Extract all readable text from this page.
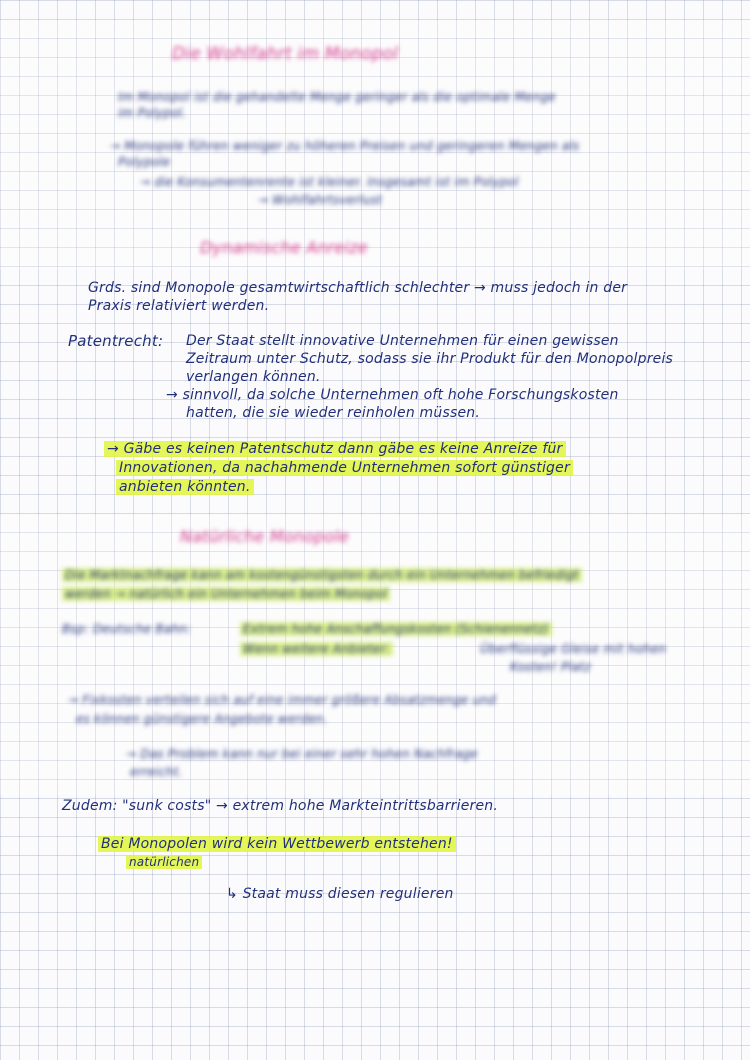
Die Wohlfahrt im Monopol
Im Monopol ist die gehandelte Menge geringer als die optimale Menge
im Polypol.
→ Monopole führen weniger zu höheren Preisen und geringeren Mengen als
Polypole
→ die Konsumentenrente ist kleiner. Insgesamt ist im Polypol
→ Wohlfahrtsverlust
Dynamische Anreize
Grds. sind Monopole gesamtwirtschaftlich schlechter → muss jedoch in der
Praxis relativiert werden.
Patentrecht: Der Staat stellt innovative Unternehmen für einen gewissen
Zeitraum unter Schutz, sodass sie ihr Produkt für den Monopolpreis
verlangen können.
→ sinnvoll, da solche Unternehmen oft hohe Forschungskosten
hatten, die sie wieder reinholen müssen.
→ Gäbe es keinen Patentschutz dann gäbe es keine Anreize für
Innovationen, da nachahmende Unternehmen sofort günstiger
anbieten könnten.
Natürliche Monopole
Die Marktnachfrage kann am kostengünstigsten durch ein Unternehmen befriedigt
werden → natürlich ein Unternehmen beim Monopol
Bsp: Deutsche Bahn:	Extrem hohe Anschaffungskosten (Schienennetz)
Wenn weitere Anbieter:	Überflüssige Gleise mit hohen
Kosten! Platz
→ Fixkosten verteilen sich auf eine immer größere Absatzmenge und
es können günstigere Angebote werden.
→ Das Problem kann nur bei einer sehr hohen Nachfrage
erreicht.
Zudem: "sunk costs" → extrem hohe Markteintrittsbarrieren.
Bei Monopolen wird kein Wettbewerb entstehen!
natürlichen
↳ Staat muss diesen regulieren
